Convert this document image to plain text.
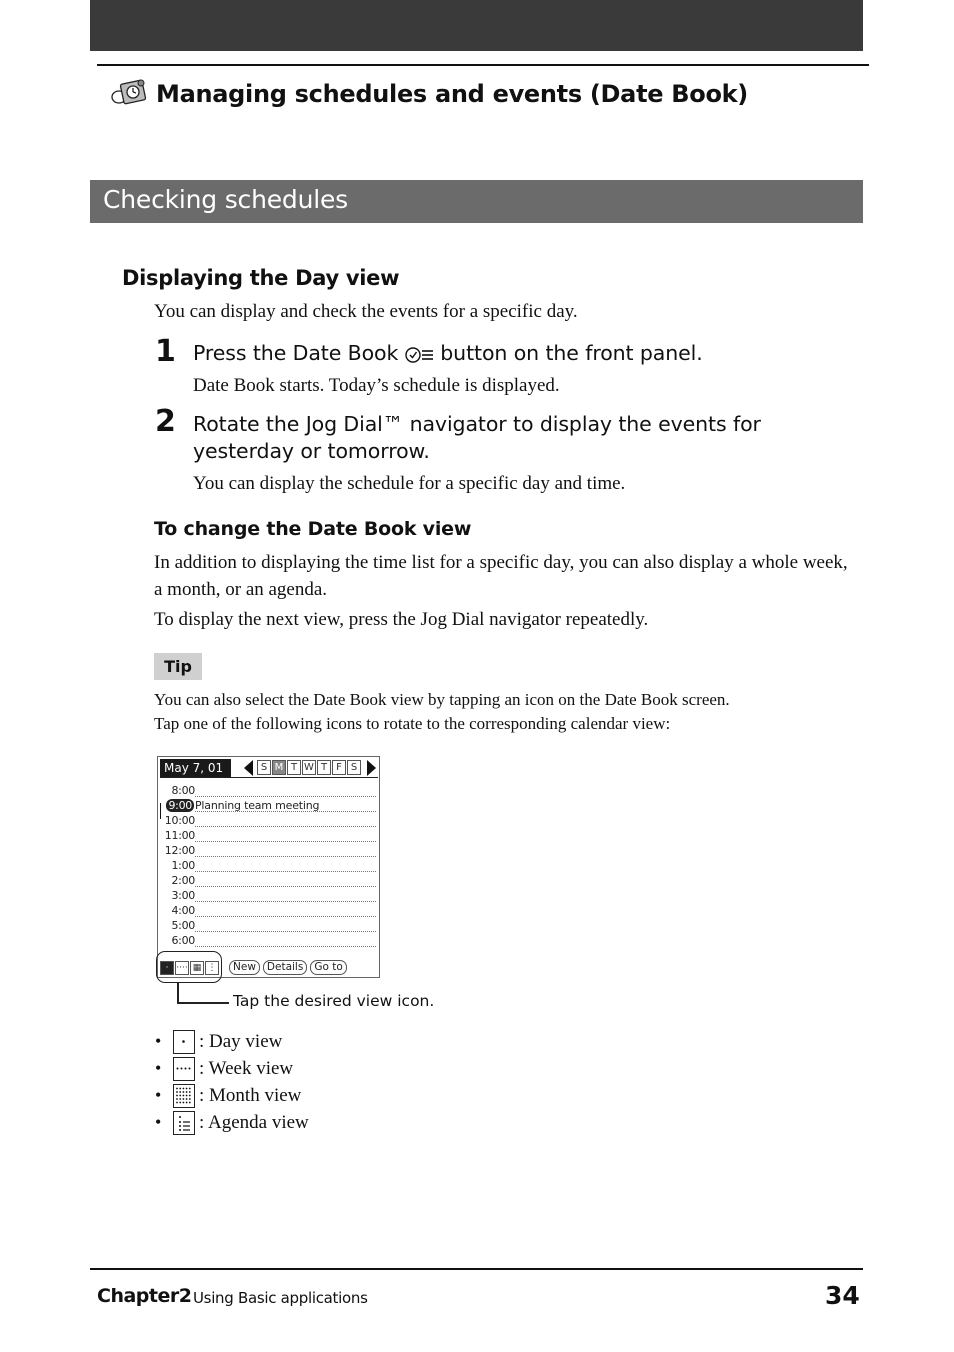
Managing schedules and events (Date Book)
Checking schedules
Displaying the Day view
You can display and check the events for a specific day.
1 Press the Date Book button on the front panel.
Date Book starts. Today’s schedule is displayed.
2 Rotate the Jog Dial™ navigator to display the events for yesterday or tomorrow.
You can display the schedule for a specific day and time.
To change the Date Book view
In addition to displaying the time list for a specific day, you can also display a whole week, a month, or an agenda.
To display the next view, press the Jog Dial navigator repeatedly.
Tip
You can also select the Date Book view by tapping an icon on the Date Book screen.
Tap one of the following icons to rotate to the corresponding calendar view:
May 7, 01	S M T W T F S
8:00
9:00 Planning team meeting
10:00
11:00
12:00
1:00
2:00
3:00
4:00
5:00
6:00
· ···· ▦ ⋮	New	Details	Go to
Tap the desired view icon.
•	: Day view
•	: Week view
•	: Month view
•	: Agenda view
Chapter2 Using Basic applications	34
